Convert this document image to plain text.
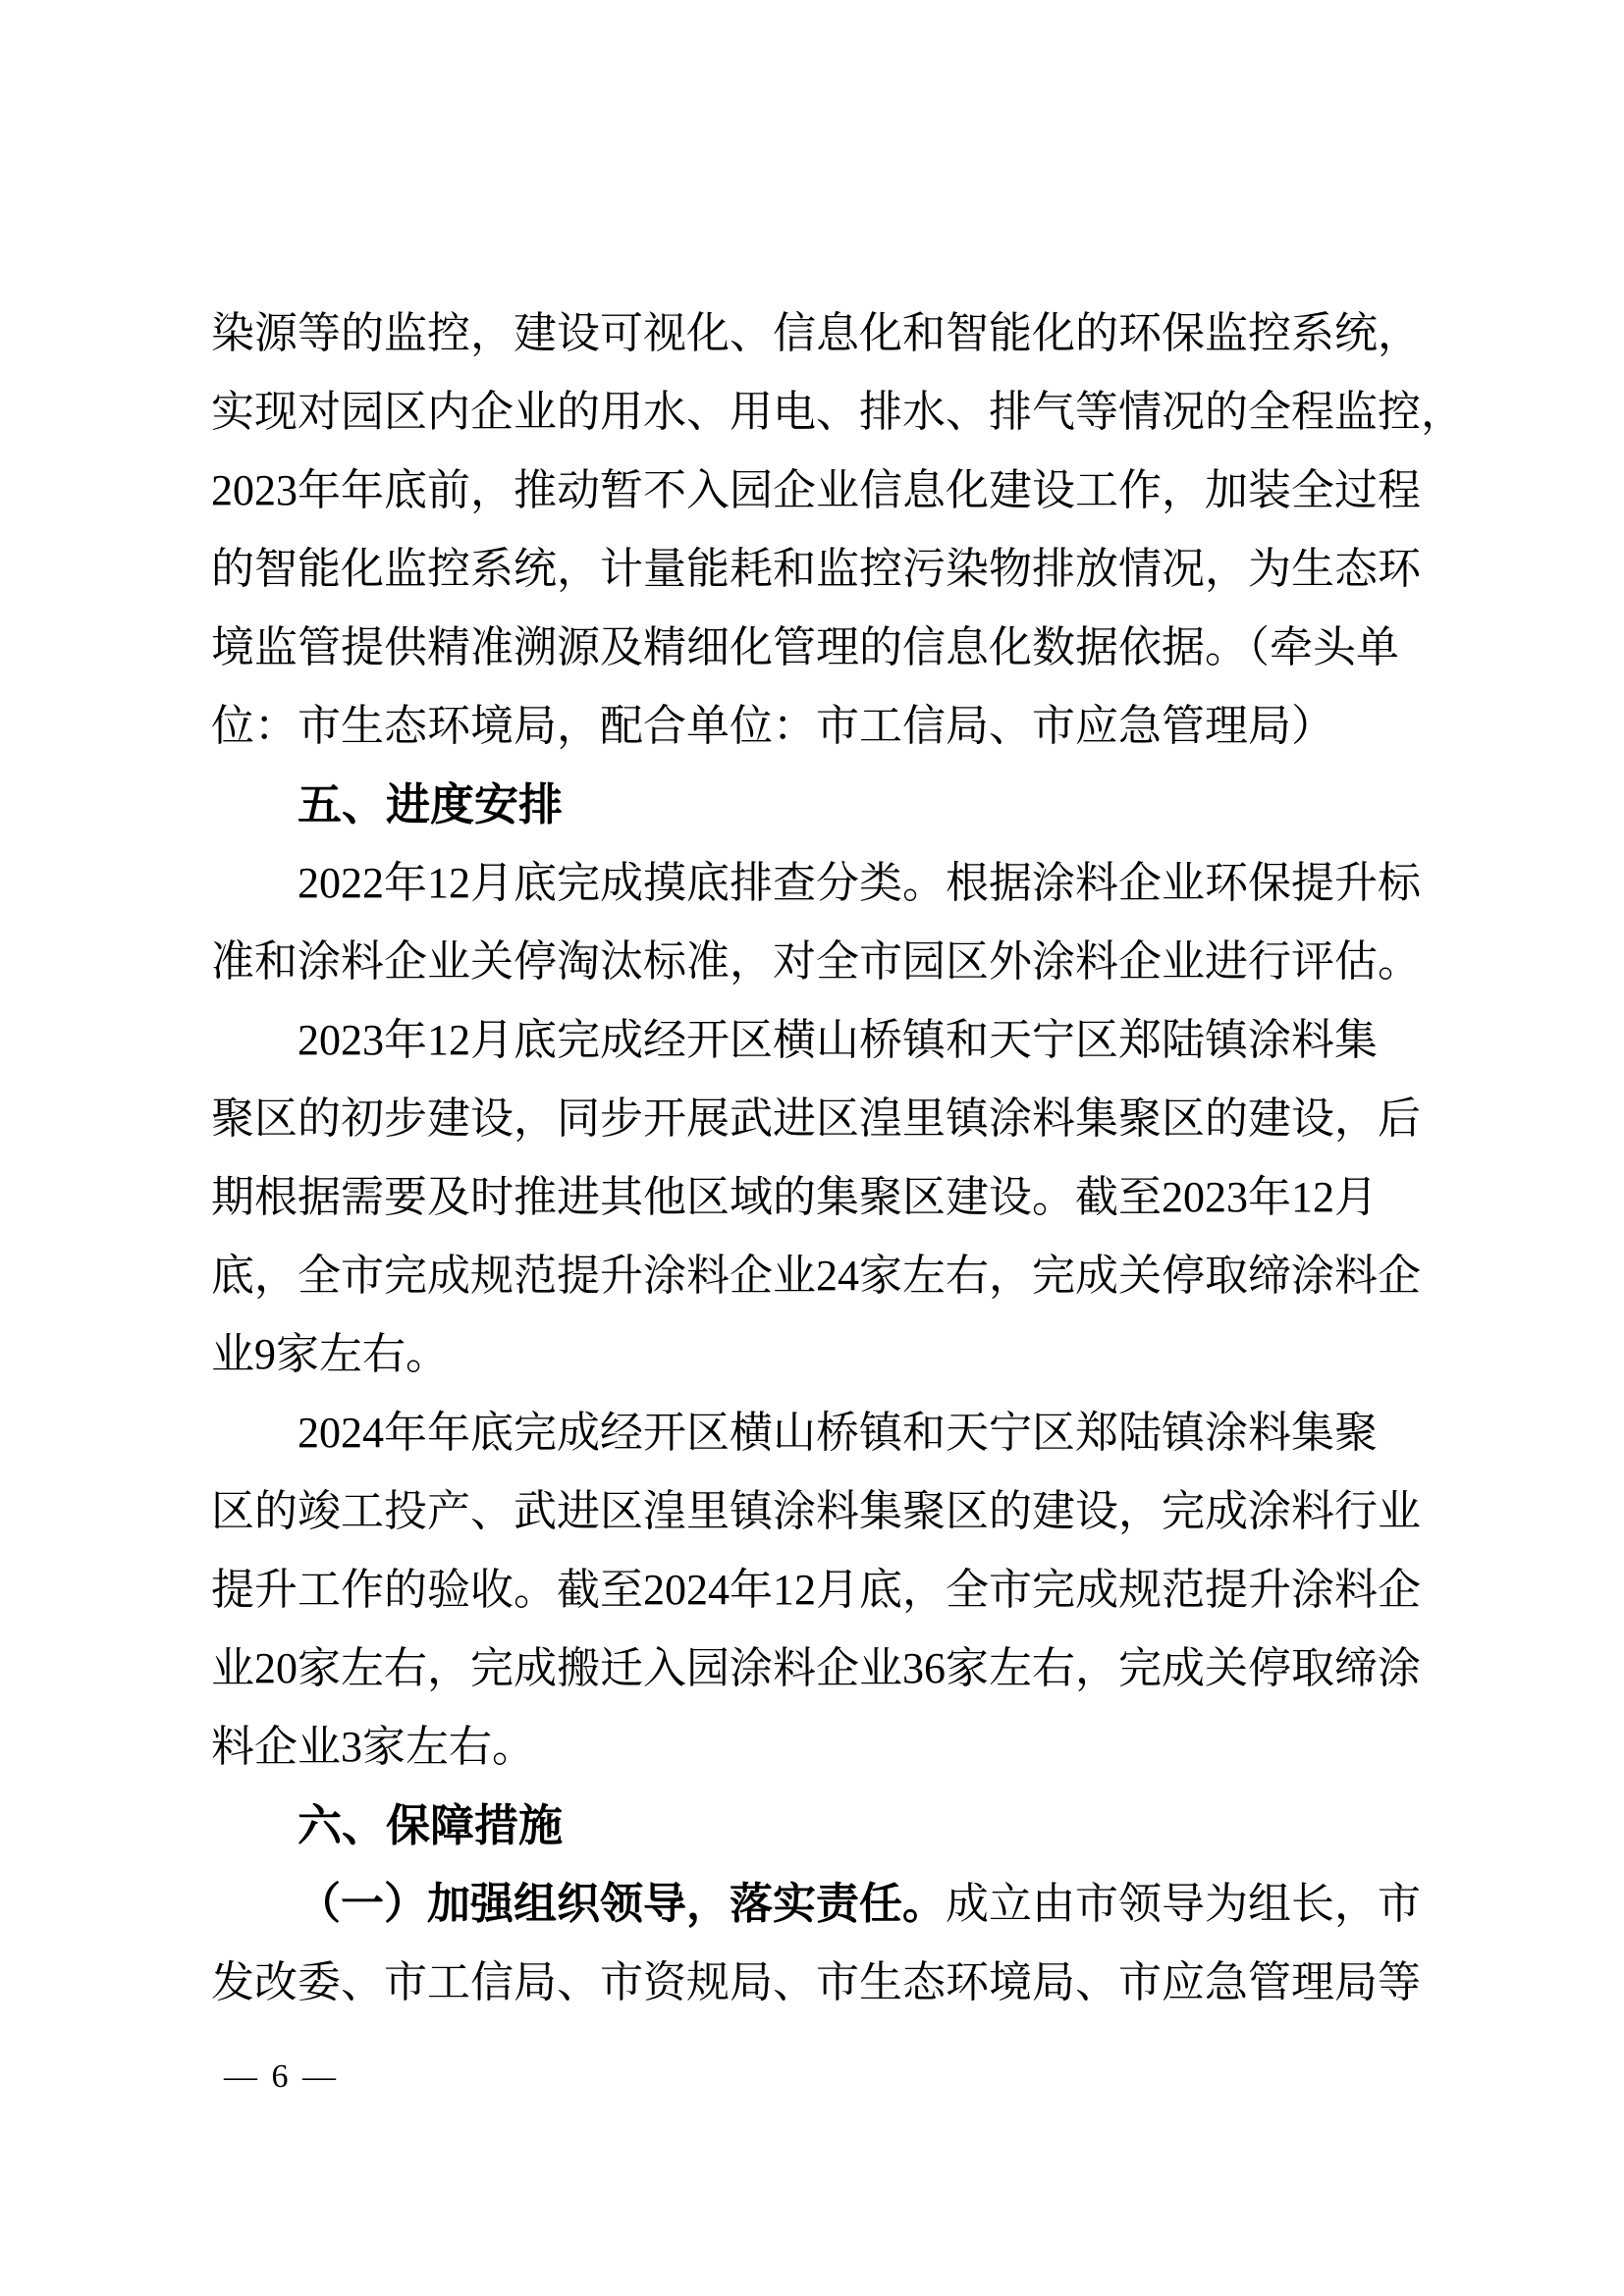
染源等的监控，建设可视化、信息化和智能化的环保监控系统，
实现对园区内企业的用水、用电、排水、排气等情况的全程监控，
2023年年底前，推动暂不入园企业信息化建设工作，加装全过程
的智能化监控系统，计量能耗和监控污染物排放情况，为生态环
境监管提供精准溯源及精细化管理的信息化数据依据。（牵头单
位：市生态环境局，配合单位：市工信局、市应急管理局）
五、进度安排
2022年12月底完成摸底排查分类。根据涂料企业环保提升标
准和涂料企业关停淘汰标准，对全市园区外涂料企业进行评估。
2023年12月底完成经开区横山桥镇和天宁区郑陆镇涂料集
聚区的初步建设，同步开展武进区湟里镇涂料集聚区的建设，后
期根据需要及时推进其他区域的集聚区建设。截至2023年12月
底，全市完成规范提升涂料企业24家左右，完成关停取缔涂料企
业9家左右。
2024年年底完成经开区横山桥镇和天宁区郑陆镇涂料集聚
区的竣工投产、武进区湟里镇涂料集聚区的建设，完成涂料行业
提升工作的验收。截至2024年12月底，全市完成规范提升涂料企
业20家左右，完成搬迁入园涂料企业36家左右，完成关停取缔涂
料企业3家左右。
六、保障措施
（一）加强组织领导，落实责任。成立由市领导为组长，市
发改委、市工信局、市资规局、市生态环境局、市应急管理局等
— 6 —
